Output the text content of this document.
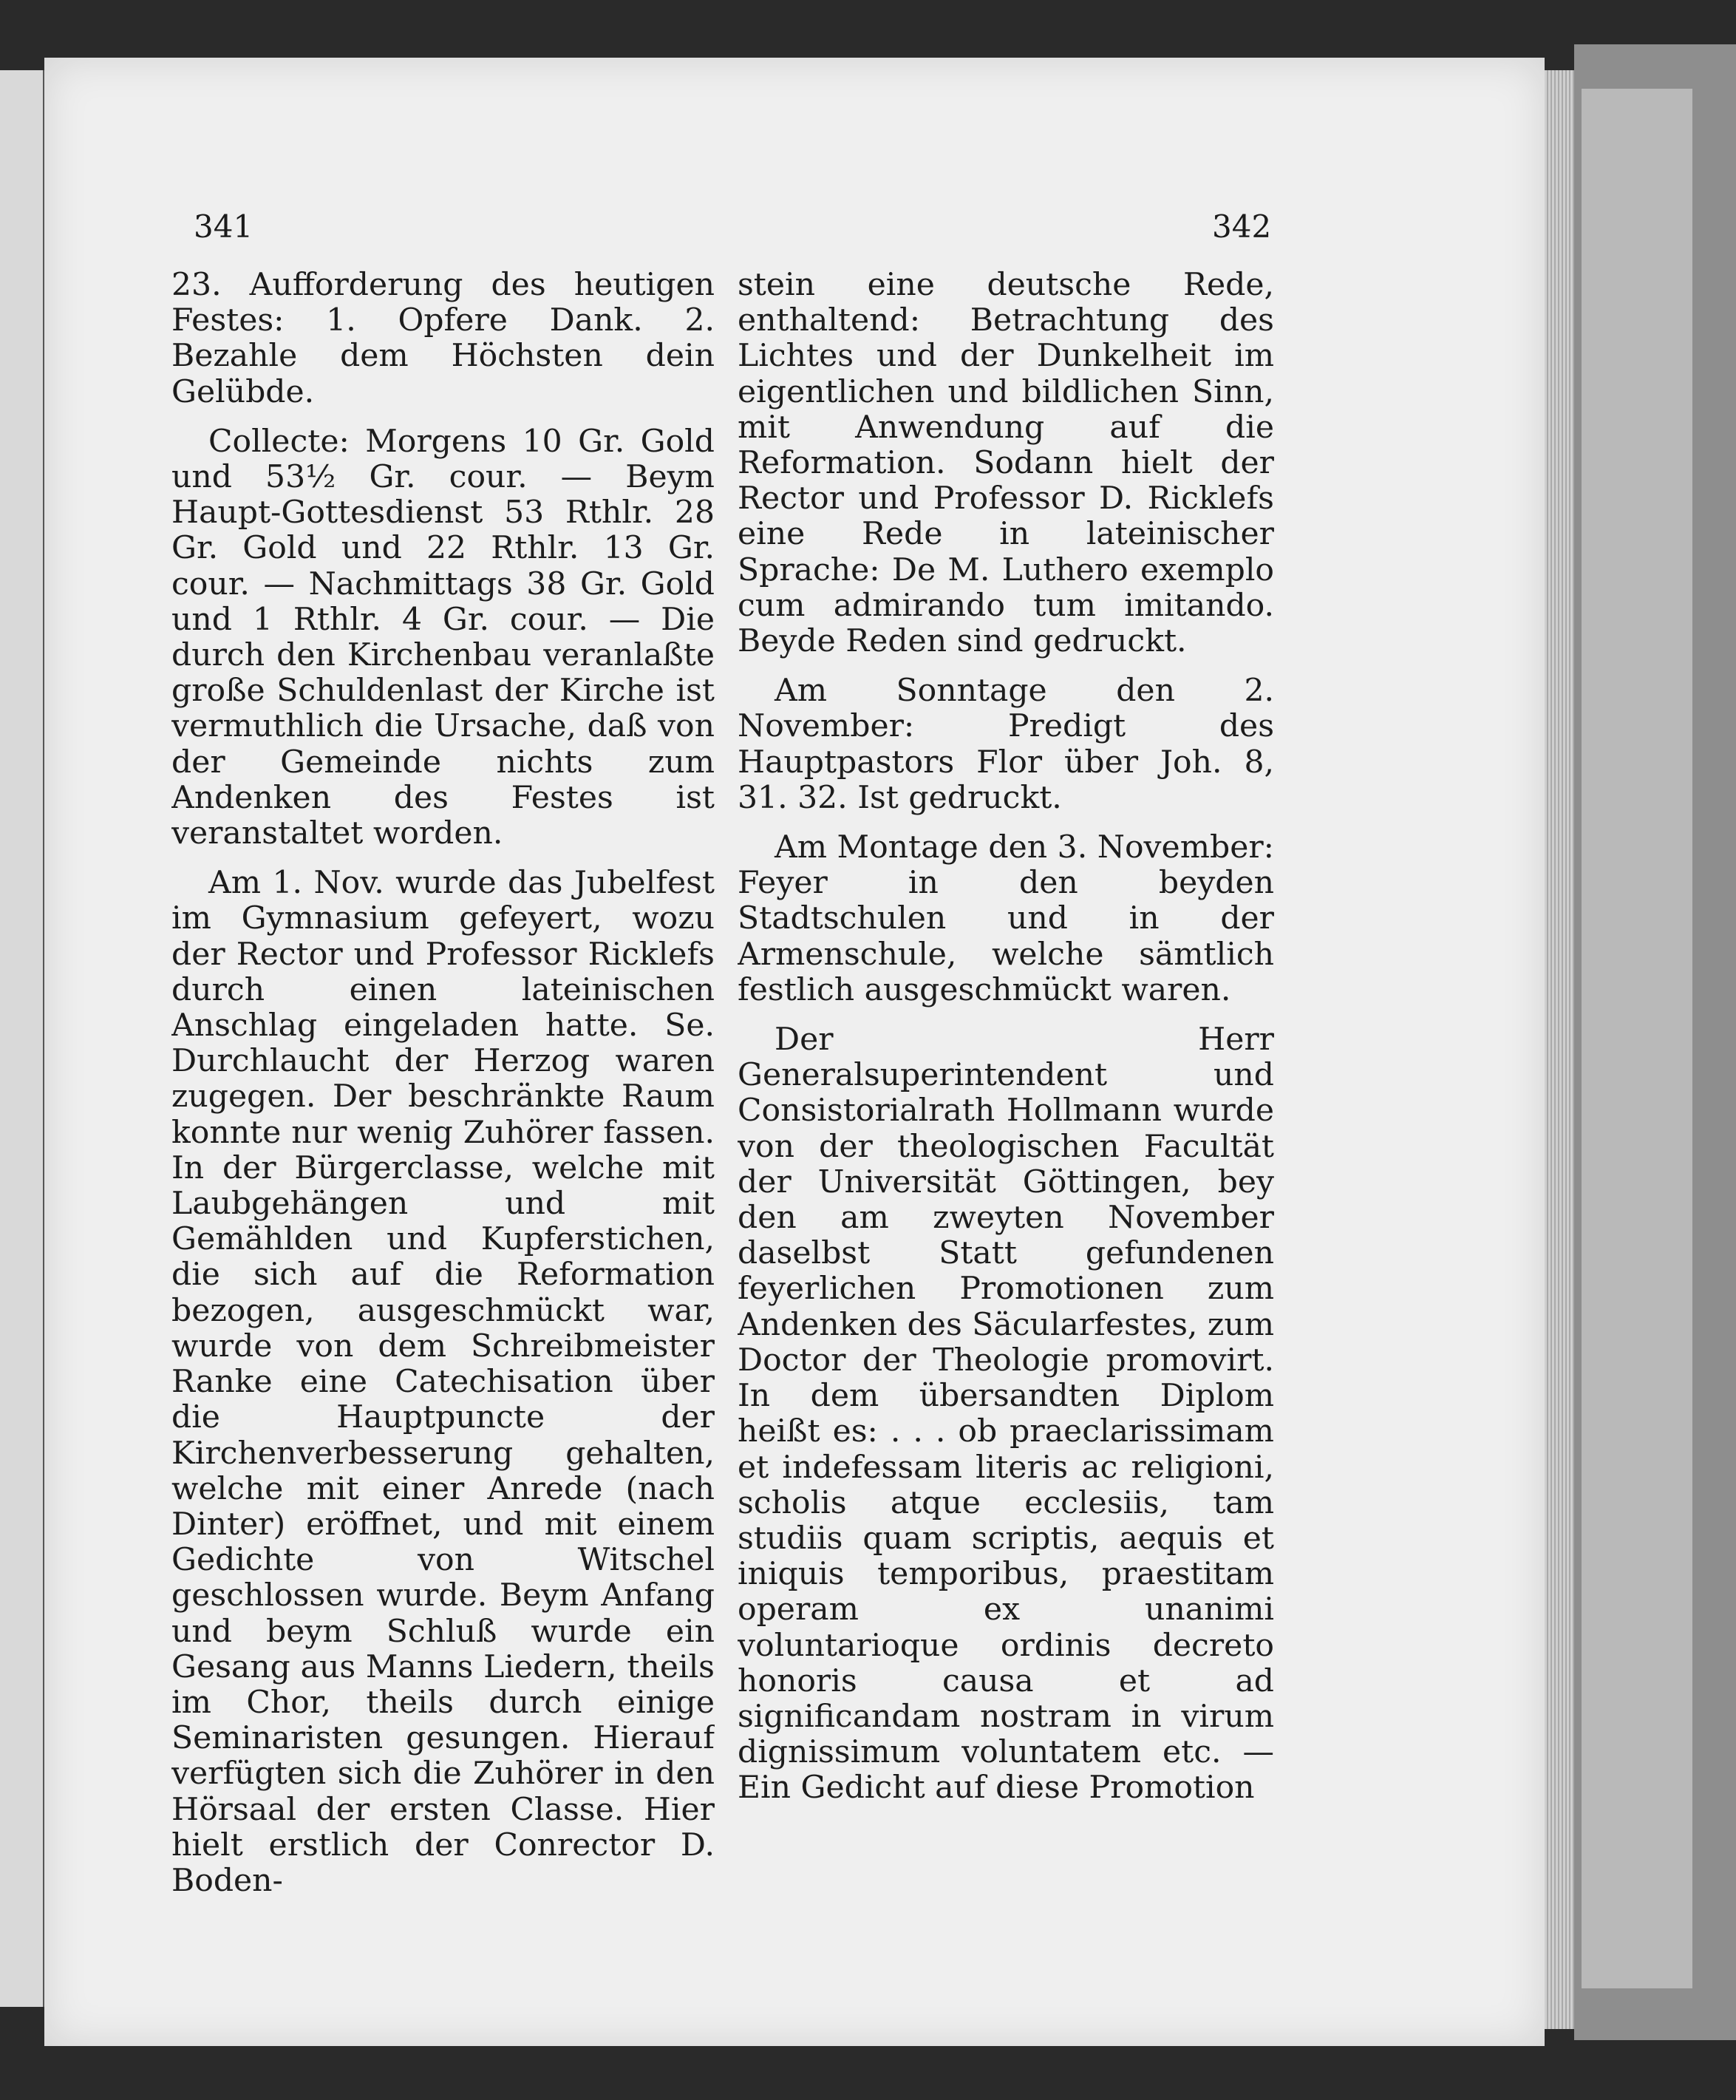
341	342

23. Aufforderung des heutigen Festes: 1. Opfere Dank. 2. Bezahle dem Höchsten dein Gelübde.

Collecte: Morgens 10 Gr. Gold und 53½ Gr. cour. — Beym Haupt-Gottesdienst 53 Rthlr. 28 Gr. Gold und 22 Rthlr. 13 Gr. cour. — Nachmittags 38 Gr. Gold und 1 Rthlr. 4 Gr. cour. — Die durch den Kirchenbau veranlaßte große Schuldenlast der Kirche ist vermuthlich die Ursache, daß von der Gemeinde nichts zum Andenken des Festes ist veranstaltet worden.

Am 1. Nov. wurde das Jubelfest im Gymnasium gefeyert, wozu der Rector und Professor Ricklefs durch einen lateinischen Anschlag eingeladen hatte. Se. Durchlaucht der Herzog waren zugegen. Der beschränkte Raum konnte nur wenig Zuhörer fassen. In der Bürgerclasse, welche mit Laubgehängen und mit Gemählden und Kupferstichen, die sich auf die Reformation bezogen, ausgeschmückt war, wurde von dem Schreibmeister Ranke eine Catechisation über die Hauptpuncte der Kirchenverbesserung gehalten, welche mit einer Anrede (nach Dinter) eröffnet, und mit einem Gedichte von Witschel geschlossen wurde. Beym Anfang und beym Schluß wurde ein Gesang aus Manns Liedern, theils im Chor, theils durch einige Seminaristen gesungen. Hierauf verfügten sich die Zuhörer in den Hörsaal der ersten Classe. Hier hielt erstlich der Conrector D. Boden-

stein eine deutsche Rede, enthaltend: Betrachtung des Lichtes und der Dunkelheit im eigentlichen und bildlichen Sinn, mit Anwendung auf die Reformation. Sodann hielt der Rector und Professor D. Ricklefs eine Rede in lateinischer Sprache: De M. Luthero exemplo cum admirando tum imitando. Beyde Reden sind gedruckt.

Am Sonntage den 2. November: Predigt des Hauptpastors Flor über Joh. 8, 31. 32. Ist gedruckt.

Am Montage den 3. November: Feyer in den beyden Stadtschulen und in der Armenschule, welche sämtlich festlich ausgeschmückt waren.

Der Herr Generalsuperintendent und Consistorialrath Hollmann wurde von der theologischen Facultät der Universität Göttingen, bey den am zweyten November daselbst Statt gefundenen feyerlichen Promotionen zum Andenken des Säcularfestes, zum Doctor der Theologie promovirt. In dem übersandten Diplom heißt es: . . . ob praeclarissimam et indefessam literis ac religioni, scholis atque ecclesiis, tam studiis quam scriptis, aequis et iniquis temporibus, praestitam operam ex unanimi voluntarioque ordinis decreto honoris causa et ad significandam nostram in virum dignissimum voluntatem etc. — Ein Gedicht auf diese Promotion
